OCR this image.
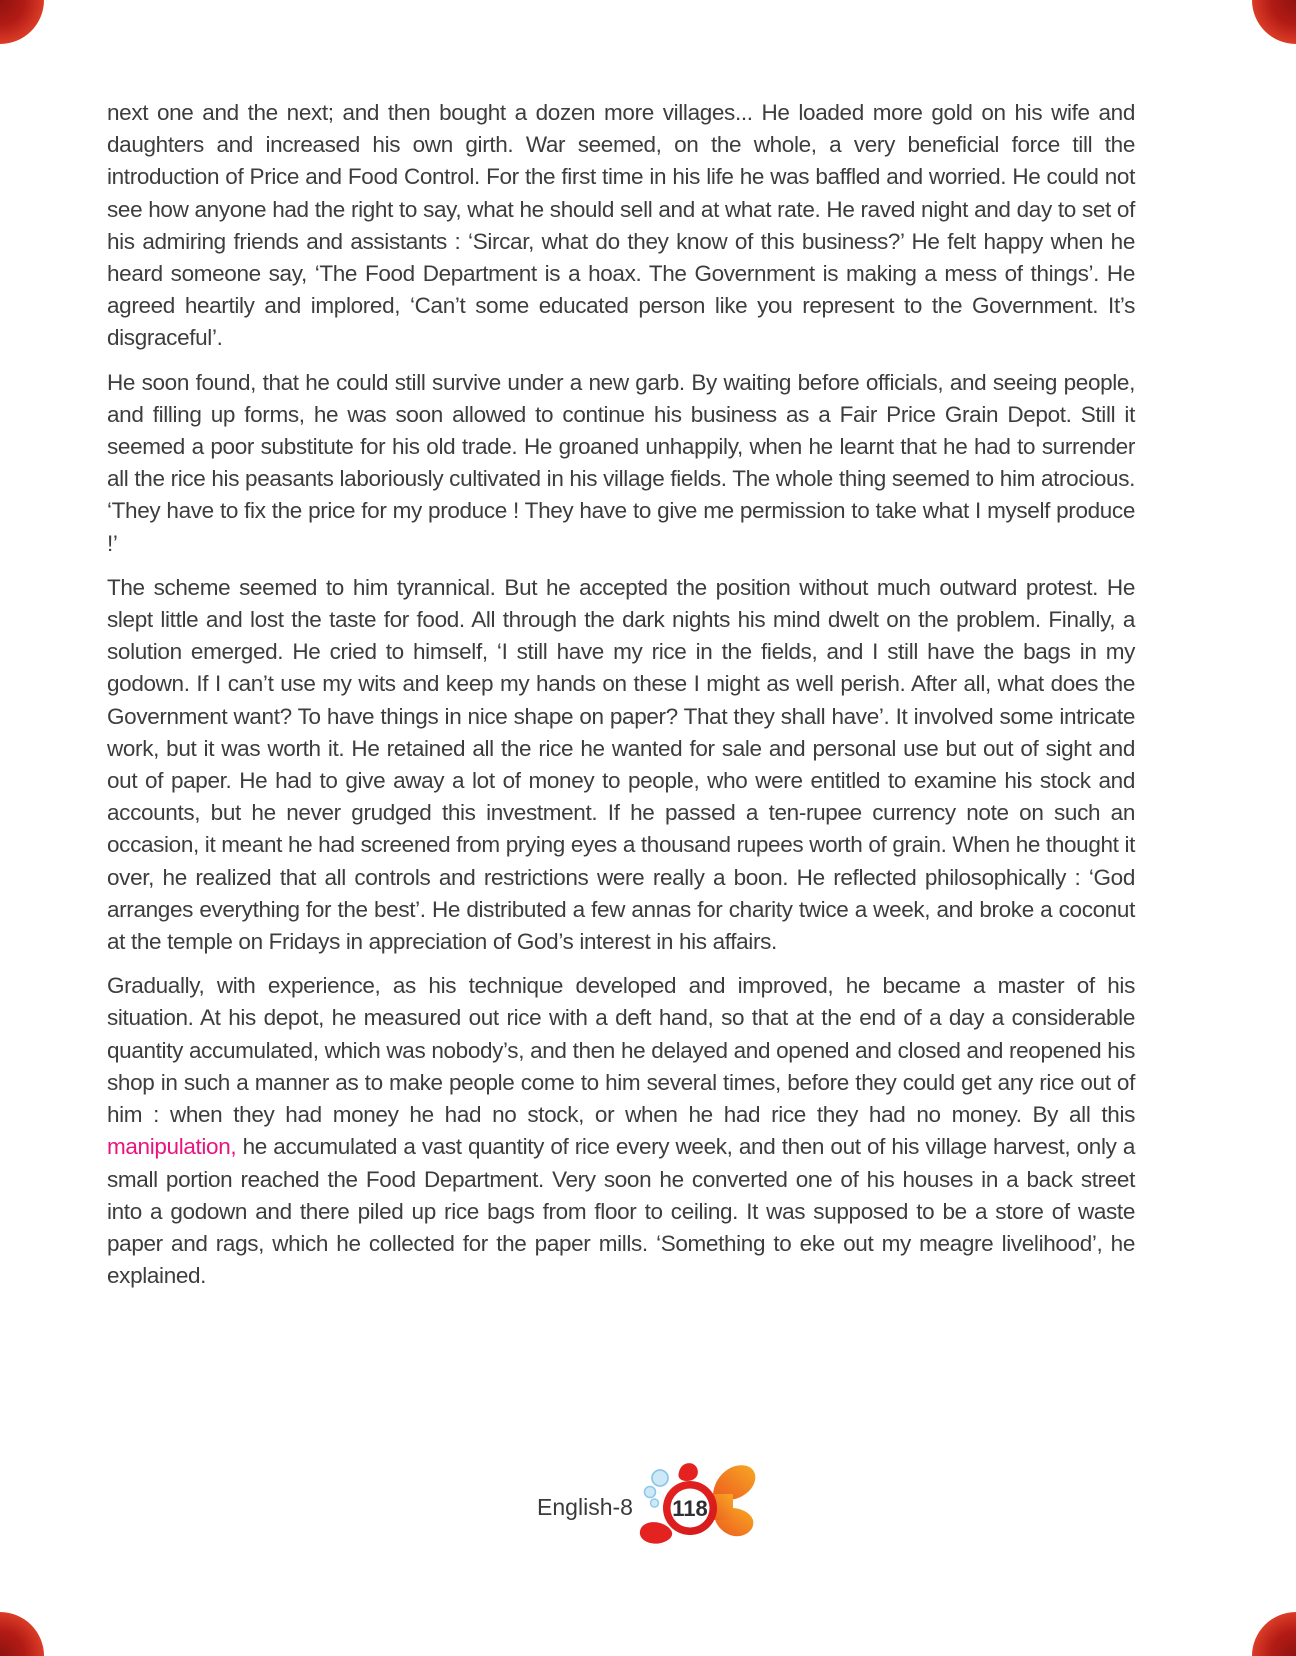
next one and the next; and then bought a dozen more villages... He loaded more gold on his wife and daughters and increased his own girth. War seemed, on the whole, a very beneficial force till the introduction of Price and Food Control. For the first time in his life he was baffled and worried. He could not see how anyone had the right to say, what he should sell and at what rate. He raved night and day to set of his admiring friends and assistants : ‘Sircar, what do they know of this business?’ He felt happy when he heard someone say, ‘The Food Department is a hoax. The Government is making a mess of things’. He agreed heartily and implored, ‘Can’t some educated person like you represent to the Government. It’s disgraceful’.

He soon found, that he could still survive under a new garb. By waiting before officials, and seeing people, and filling up forms, he was soon allowed to continue his business as a Fair Price Grain Depot. Still it seemed a poor substitute for his old trade. He groaned unhappily, when he learnt that he had to surrender all the rice his peasants laboriously cultivated in his village fields. The whole thing seemed to him atrocious. ‘They have to fix the price for my produce ! They have to give me permission to take what I myself produce !’

The scheme seemed to him tyrannical. But he accepted the position without much outward protest. He slept little and lost the taste for food. All through the dark nights his mind dwelt on the problem. Finally, a solution emerged. He cried to himself, ‘I still have my rice in the fields, and I still have the bags in my godown. If I can’t use my wits and keep my hands on these I might as well perish. After all, what does the Government want? To have things in nice shape on paper? That they shall have’. It involved some intricate work, but it was worth it. He retained all the rice he wanted for sale and personal use but out of sight and out of paper. He had to give away a lot of money to people, who were entitled to examine his stock and accounts, but he never grudged this investment. If he passed a ten-rupee currency note on such an occasion, it meant he had screened from prying eyes a thousand rupees worth of grain. When he thought it over, he realized that all controls and restrictions were really a boon. He reflected philosophically : ‘God arranges everything for the best’. He distributed a few annas for charity twice a week, and broke a coconut at the temple on Fridays in appreciation of God’s interest in his affairs.

Gradually, with experience, as his technique developed and improved, he became a master of his situation. At his depot, he measured out rice with a deft hand, so that at the end of a day a considerable quantity accumulated, which was nobody’s, and then he delayed and opened and closed and reopened his shop in such a manner as to make people come to him several times, before they could get any rice out of him : when they had money he had no stock, or when he had rice they had no money. By all this manipulation, he accumulated a vast quantity of rice every week, and then out of his village harvest, only a small portion reached the Food Department. Very soon he converted one of his houses in a back street into a godown and there piled up rice bags from floor to ceiling. It was supposed to be a store of waste paper and rags, which he collected for the paper mills. ‘Something to eke out my meagre livelihood’, he explained.

English-8 118
